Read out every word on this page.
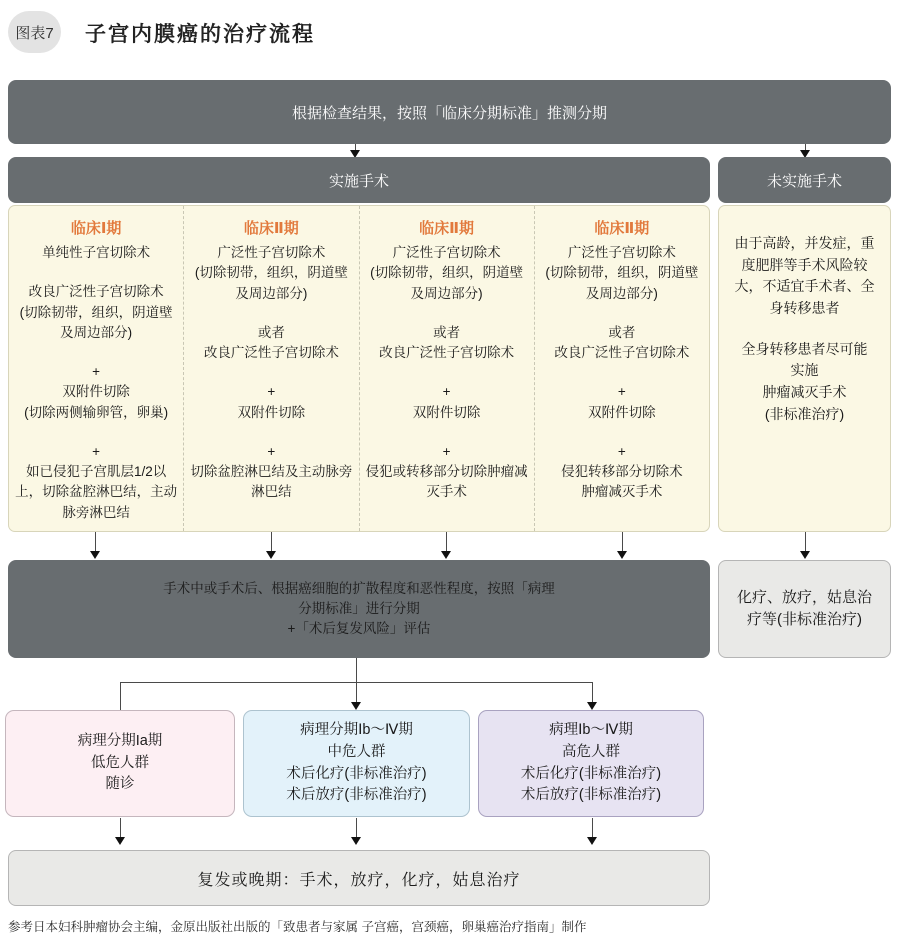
图表7 子宫内膜癌的治疗流程
根据检查结果，按照「临床分期标准」推测分期
实施手术	未实施手术
临床Ⅰ期
单纯性子宫切除术
改良广泛性子宫切除术
(切除韧带，组织，阴道壁及周边部分)
+
双附件切除
(切除两侧输卵管，卵巢)
+
如已侵犯子宫肌层1/2以上，切除盆腔淋巴结，主动脉旁淋巴结
临床Ⅱ期
广泛性子宫切除术
(切除韧带，组织，阴道壁及周边部分)
或者
改良广泛性子宫切除术
+
双附件切除
+
切除盆腔淋巴结及主动脉旁淋巴结
临床Ⅱ期
广泛性子宫切除术
(切除韧带，组织，阴道壁及周边部分)
或者
改良广泛性子宫切除术
+
双附件切除
+
侵犯或转移部分切除肿瘤减灭手术
临床Ⅱ期
广泛性子宫切除术
(切除韧带，组织，阴道壁及周边部分)
或者
改良广泛性子宫切除术
+
双附件切除
+
侵犯转移部分切除术
肿瘤减灭手术
由于高龄，并发症，重度肥胖等手术风险较大，不适宜手术者、全身转移患者
全身转移患者尽可能
实施
肿瘤减灭手术
(非标准治疗)
手术中或手术后、根据癌细胞的扩散程度和恶性程度，按照「病理
分期标准」进行分期
+「术后复发风险」评估
化疗、放疗，姑息治疗等(非标准治疗)
病理分期Ia期
低危人群
随诊
病理分期Ⅰb～Ⅳ期
中危人群
术后化疗(非标准治疗)
术后放疗(非标准治疗)
病理Ⅰb～Ⅳ期
高危人群
术后化疗(非标准治疗)
术后放疗(非标准治疗)
复发或晚期：手术，放疗，化疗，姑息治疗
参考日本妇科肿瘤协会主编，金原出版社出版的「致患者与家属 子宫癌，宫颈癌，卵巢癌治疗指南」制作
